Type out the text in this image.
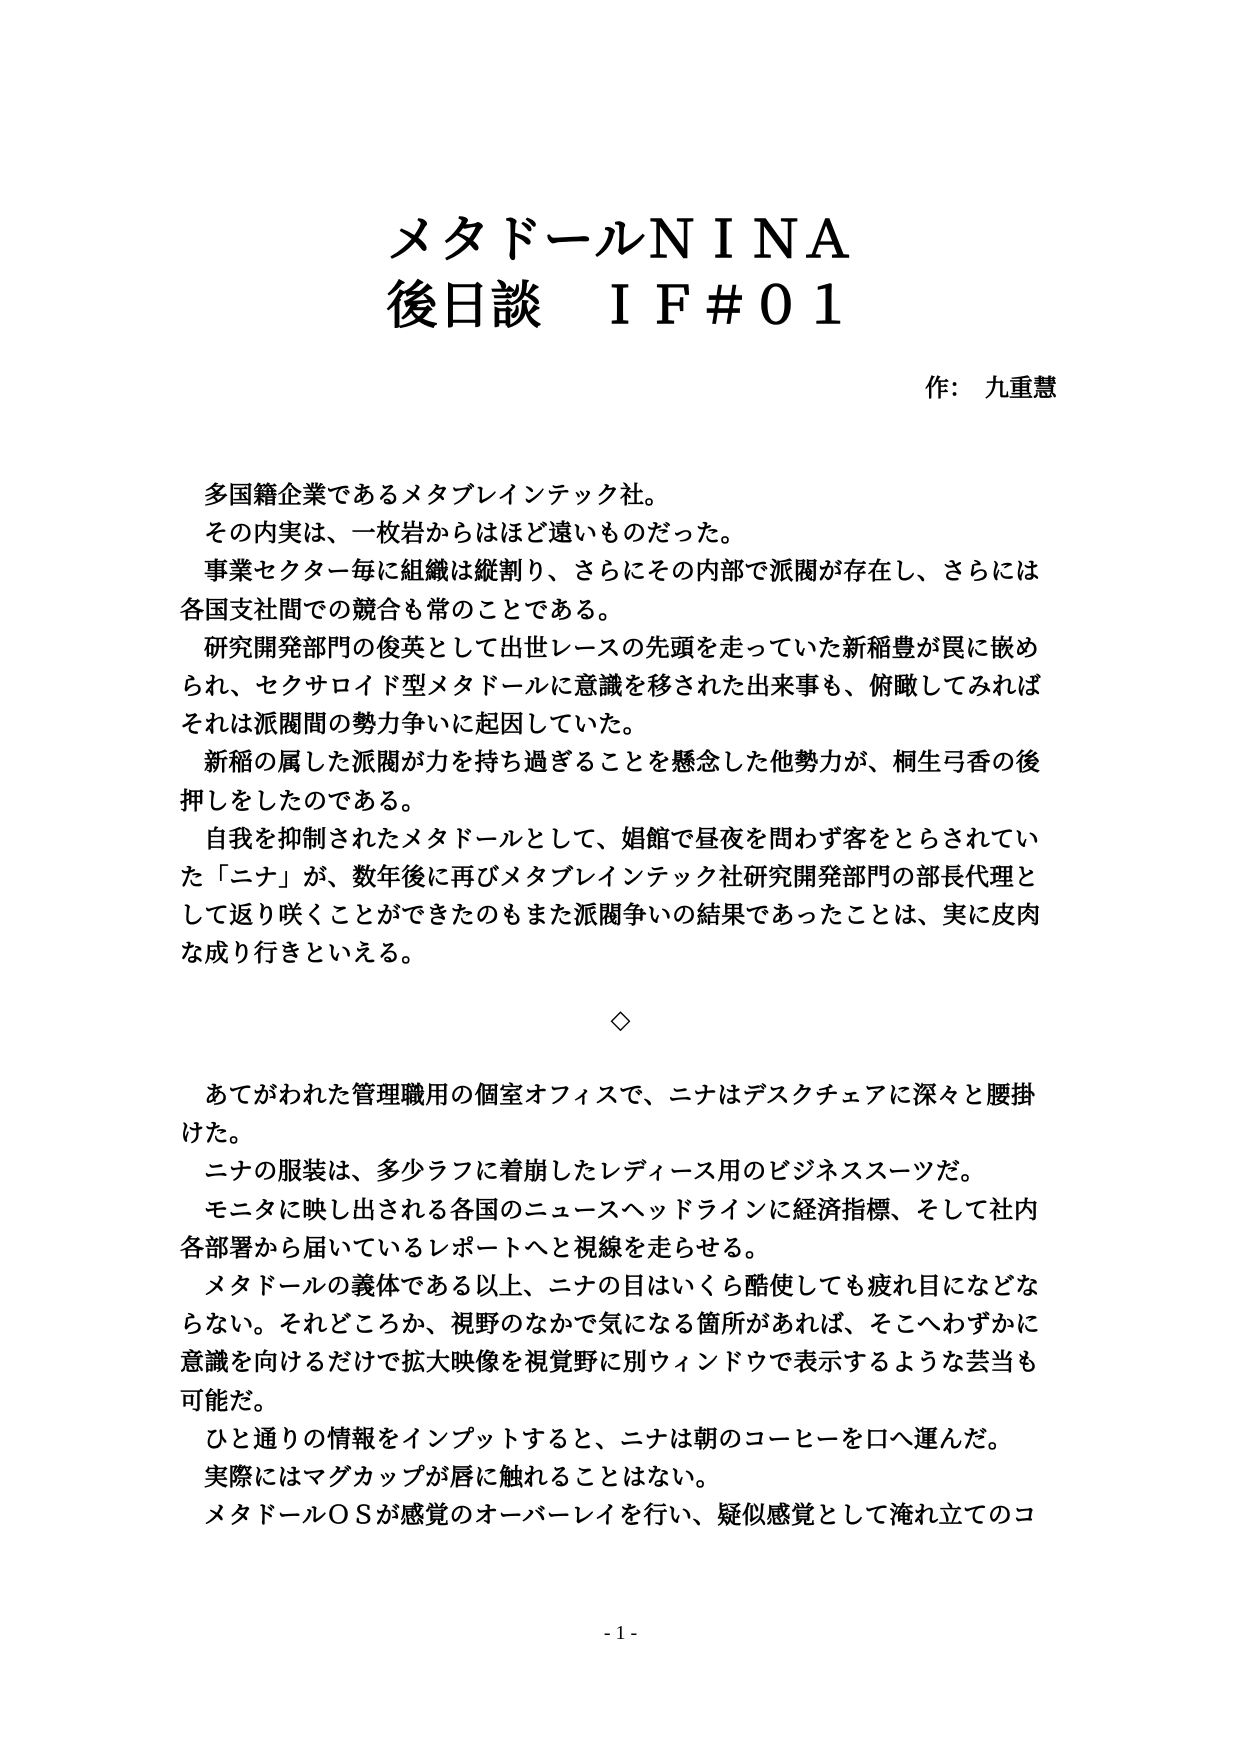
メタドールＮＩＮＡ
後日談　ＩＦ＃０１
作：　九重慧

多国籍企業であるメタブレインテック社。

その内実は、一枚岩からはほど遠いものだった。

事業セクター毎に組織は縦割り、さらにその内部で派閥が存在し、さらには各国支社間での競合も常のことである。

研究開発部門の俊英として出世レースの先頭を走っていた新稲豊が罠に嵌められ、セクサロイド型メタドールに意識を移された出来事も、俯瞰してみればそれは派閥間の勢力争いに起因していた。

新稲の属した派閥が力を持ち過ぎることを懸念した他勢力が、桐生弓香の後押しをしたのである。

自我を抑制されたメタドールとして、娼館で昼夜を問わず客をとらされていた「ニナ」が、数年後に再びメタブレインテック社研究開発部門の部長代理として返り咲くことができたのもまた派閥争いの結果であったことは、実に皮肉な成り行きといえる。

◇

あてがわれた管理職用の個室オフィスで、ニナはデスクチェアに深々と腰掛けた。

ニナの服装は、多少ラフに着崩したレディース用のビジネススーツだ。

モニタに映し出される各国のニュースヘッドラインに経済指標、そして社内各部署から届いているレポートへと視線を走らせる。

メタドールの義体である以上、ニナの目はいくら酷使しても疲れ目になどならない。それどころか、視野のなかで気になる箇所があれば、そこへわずかに意識を向けるだけで拡大映像を視覚野に別ウィンドウで表示するような芸当も可能だ。

ひと通りの情報をインプットすると、ニナは朝のコーヒーを口へ運んだ。

実際にはマグカップが唇に触れることはない。

メタドールＯＳが感覚のオーバーレイを行い、疑似感覚として淹れ立てのコ

- 1 -
